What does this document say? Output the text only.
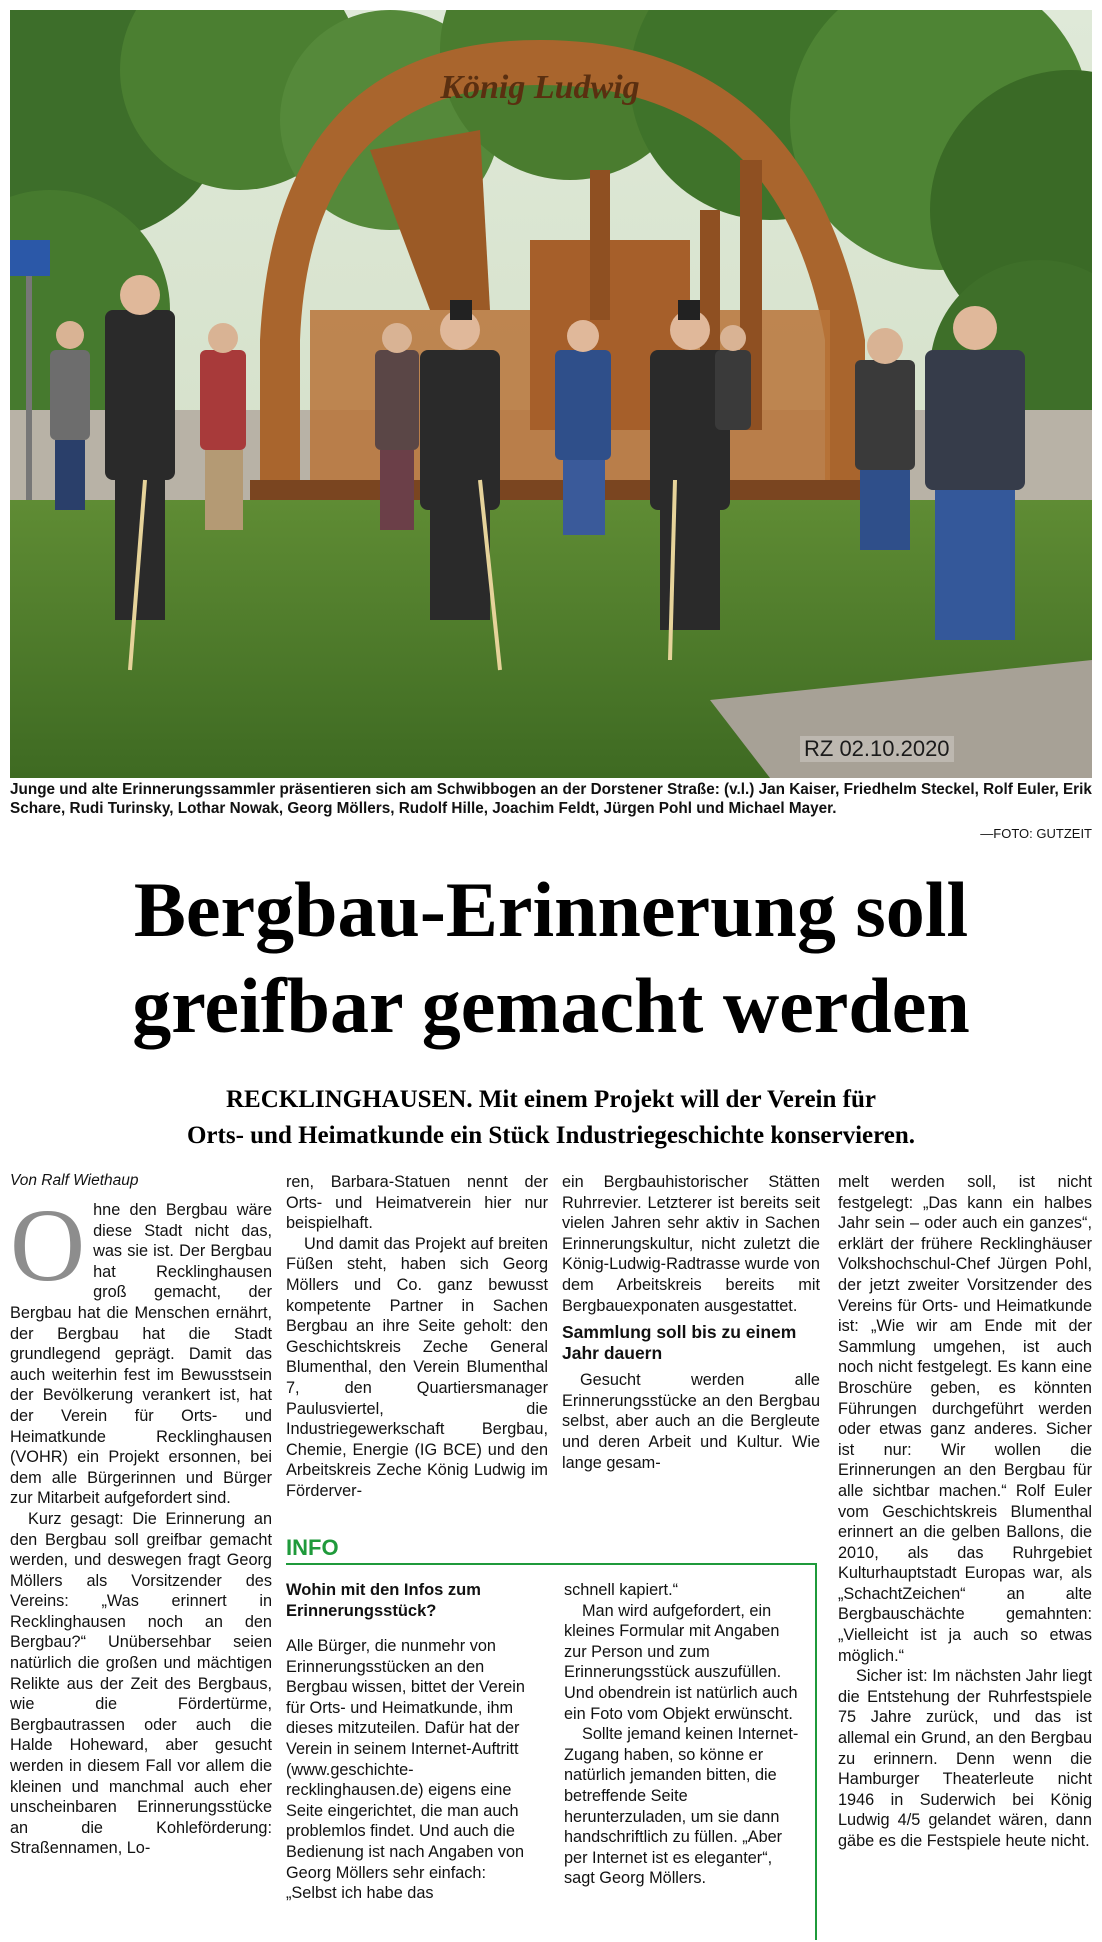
König Ludwig
RZ 02.10.2020
Junge und alte Erinnerungssammler präsentieren sich am Schwibbogen an der Dorstener Straße: (v.l.) Jan Kaiser, Friedhelm Steckel, Rolf Euler, Erik Schare, Rudi Turinsky, Lothar Nowak, Georg Möllers, Rudolf Hille, Joachim Feldt, Jürgen Pohl und Michael Mayer.
—FOTO: GUTZEIT
Bergbau-Erinnerung soll
greifbar gemacht werden
RECKLINGHAUSEN. Mit einem Projekt will der Verein für
Orts- und Heimatkunde ein Stück Industriegeschichte konservieren.
Von Ralf Wiethaup
O hne den Bergbau wäre diese Stadt nicht das, was sie ist. Der Bergbau hat Recklinghausen groß gemacht, der Bergbau hat die Menschen ernährt, der Bergbau hat die Stadt grundlegend geprägt. Damit das auch weiterhin fest im Bewusstsein der Bevölkerung verankert ist, hat der Verein für Orts- und Heimatkunde Recklinghausen (VOHR) ein Projekt ersonnen, bei dem alle Bürgerinnen und Bürger zur Mitarbeit aufgefordert sind.

Kurz gesagt: Die Erinnerung an den Bergbau soll greifbar gemacht werden, und deswegen fragt Georg Möllers als Vorsitzender des Vereins: „Was erinnert in Recklinghausen noch an den Bergbau?“ Unübersehbar seien natürlich die großen und mächtigen Relikte aus der Zeit des Bergbaus, wie die Fördertürme, Bergbautrassen oder auch die Halde Hoheward, aber gesucht werden in diesem Fall vor allem die kleinen und manchmal auch eher unscheinbaren Erinnerungsstücke an die Kohleförderung: Straßennamen, Lo-

ren, Barbara-Statuen nennt der Orts- und Heimatverein hier nur beispielhaft.

Und damit das Projekt auf breiten Füßen steht, haben sich Georg Möllers und Co. ganz bewusst kompetente Partner in Sachen Bergbau an ihre Seite geholt: den Geschichtskreis Zeche General Blumenthal, den Verein Blumenthal 7, den Quartiersmanager Paulusviertel, die Industriegewerkschaft Bergbau, Chemie, Energie (IG BCE) und den Arbeitskreis Zeche König Ludwig im Förderver-

ein Bergbauhistorischer Stätten Ruhrrevier. Letzterer ist bereits seit vielen Jahren sehr aktiv in Sachen Erinnerungskultur, nicht zuletzt die König-Ludwig-Radtrasse wurde von dem Arbeitskreis bereits mit Bergbauexponaten ausgestattet.

Sammlung soll bis zu einem Jahr dauern

Gesucht werden alle Erinnerungsstücke an den Bergbau selbst, aber auch an die Bergleute und deren Arbeit und Kultur. Wie lange gesam-

melt werden soll, ist nicht festgelegt: „Das kann ein halbes Jahr sein – oder auch ein ganzes“, erklärt der frühere Recklinghäuser Volkshochschul-Chef Jürgen Pohl, der jetzt zweiter Vorsitzender des Vereins für Orts- und Heimatkunde ist: „Wie wir am Ende mit der Sammlung umgehen, ist auch noch nicht festgelegt. Es kann eine Broschüre geben, es könnten Führungen durchgeführt werden oder etwas ganz anderes. Sicher ist nur: Wir wollen die Erinnerungen an den Bergbau für alle sichtbar machen.“ Rolf Euler vom Geschichtskreis Blumenthal erinnert an die gelben Ballons, die 2010, als das Ruhrgebiet Kulturhauptstadt Europas war, als „SchachtZeichen“ an alte Bergbauschächte gemahnten: „Vielleicht ist ja auch so etwas möglich.“

Sicher ist: Im nächsten Jahr liegt die Entstehung der Ruhrfestspiele 75 Jahre zurück, und das ist allemal ein Grund, an den Bergbau zu erinnern. Denn wenn die Hamburger Theaterleute nicht 1946 in Suderwich bei König Ludwig 4/5 gelandet wären, dann gäbe es die Festspiele heute nicht.

INFO
Wohin mit den Infos zum Erinnerungsstück?

Alle Bürger, die nunmehr von Erinnerungsstücken an den Bergbau wissen, bittet der Verein für Orts- und Heimatkunde, ihm dieses mitzuteilen. Dafür hat der Verein in seinem Internet-Auftritt (www.geschichte-recklinghausen.de) eigens eine Seite eingerichtet, die man auch problemlos findet. Und auch die Bedienung ist nach Angaben von Georg Möllers sehr einfach: „Selbst ich habe das

schnell kapiert.“

Man wird aufgefordert, ein kleines Formular mit Angaben zur Person und zum Erinnerungsstück auszufüllen. Und obendrein ist natürlich auch ein Foto vom Objekt erwünscht.

Sollte jemand keinen Internet-Zugang haben, so könne er natürlich jemanden bitten, die betreffende Seite herunterzuladen, um sie dann handschriftlich zu füllen. „Aber per Internet ist es eleganter“, sagt Georg Möllers.
